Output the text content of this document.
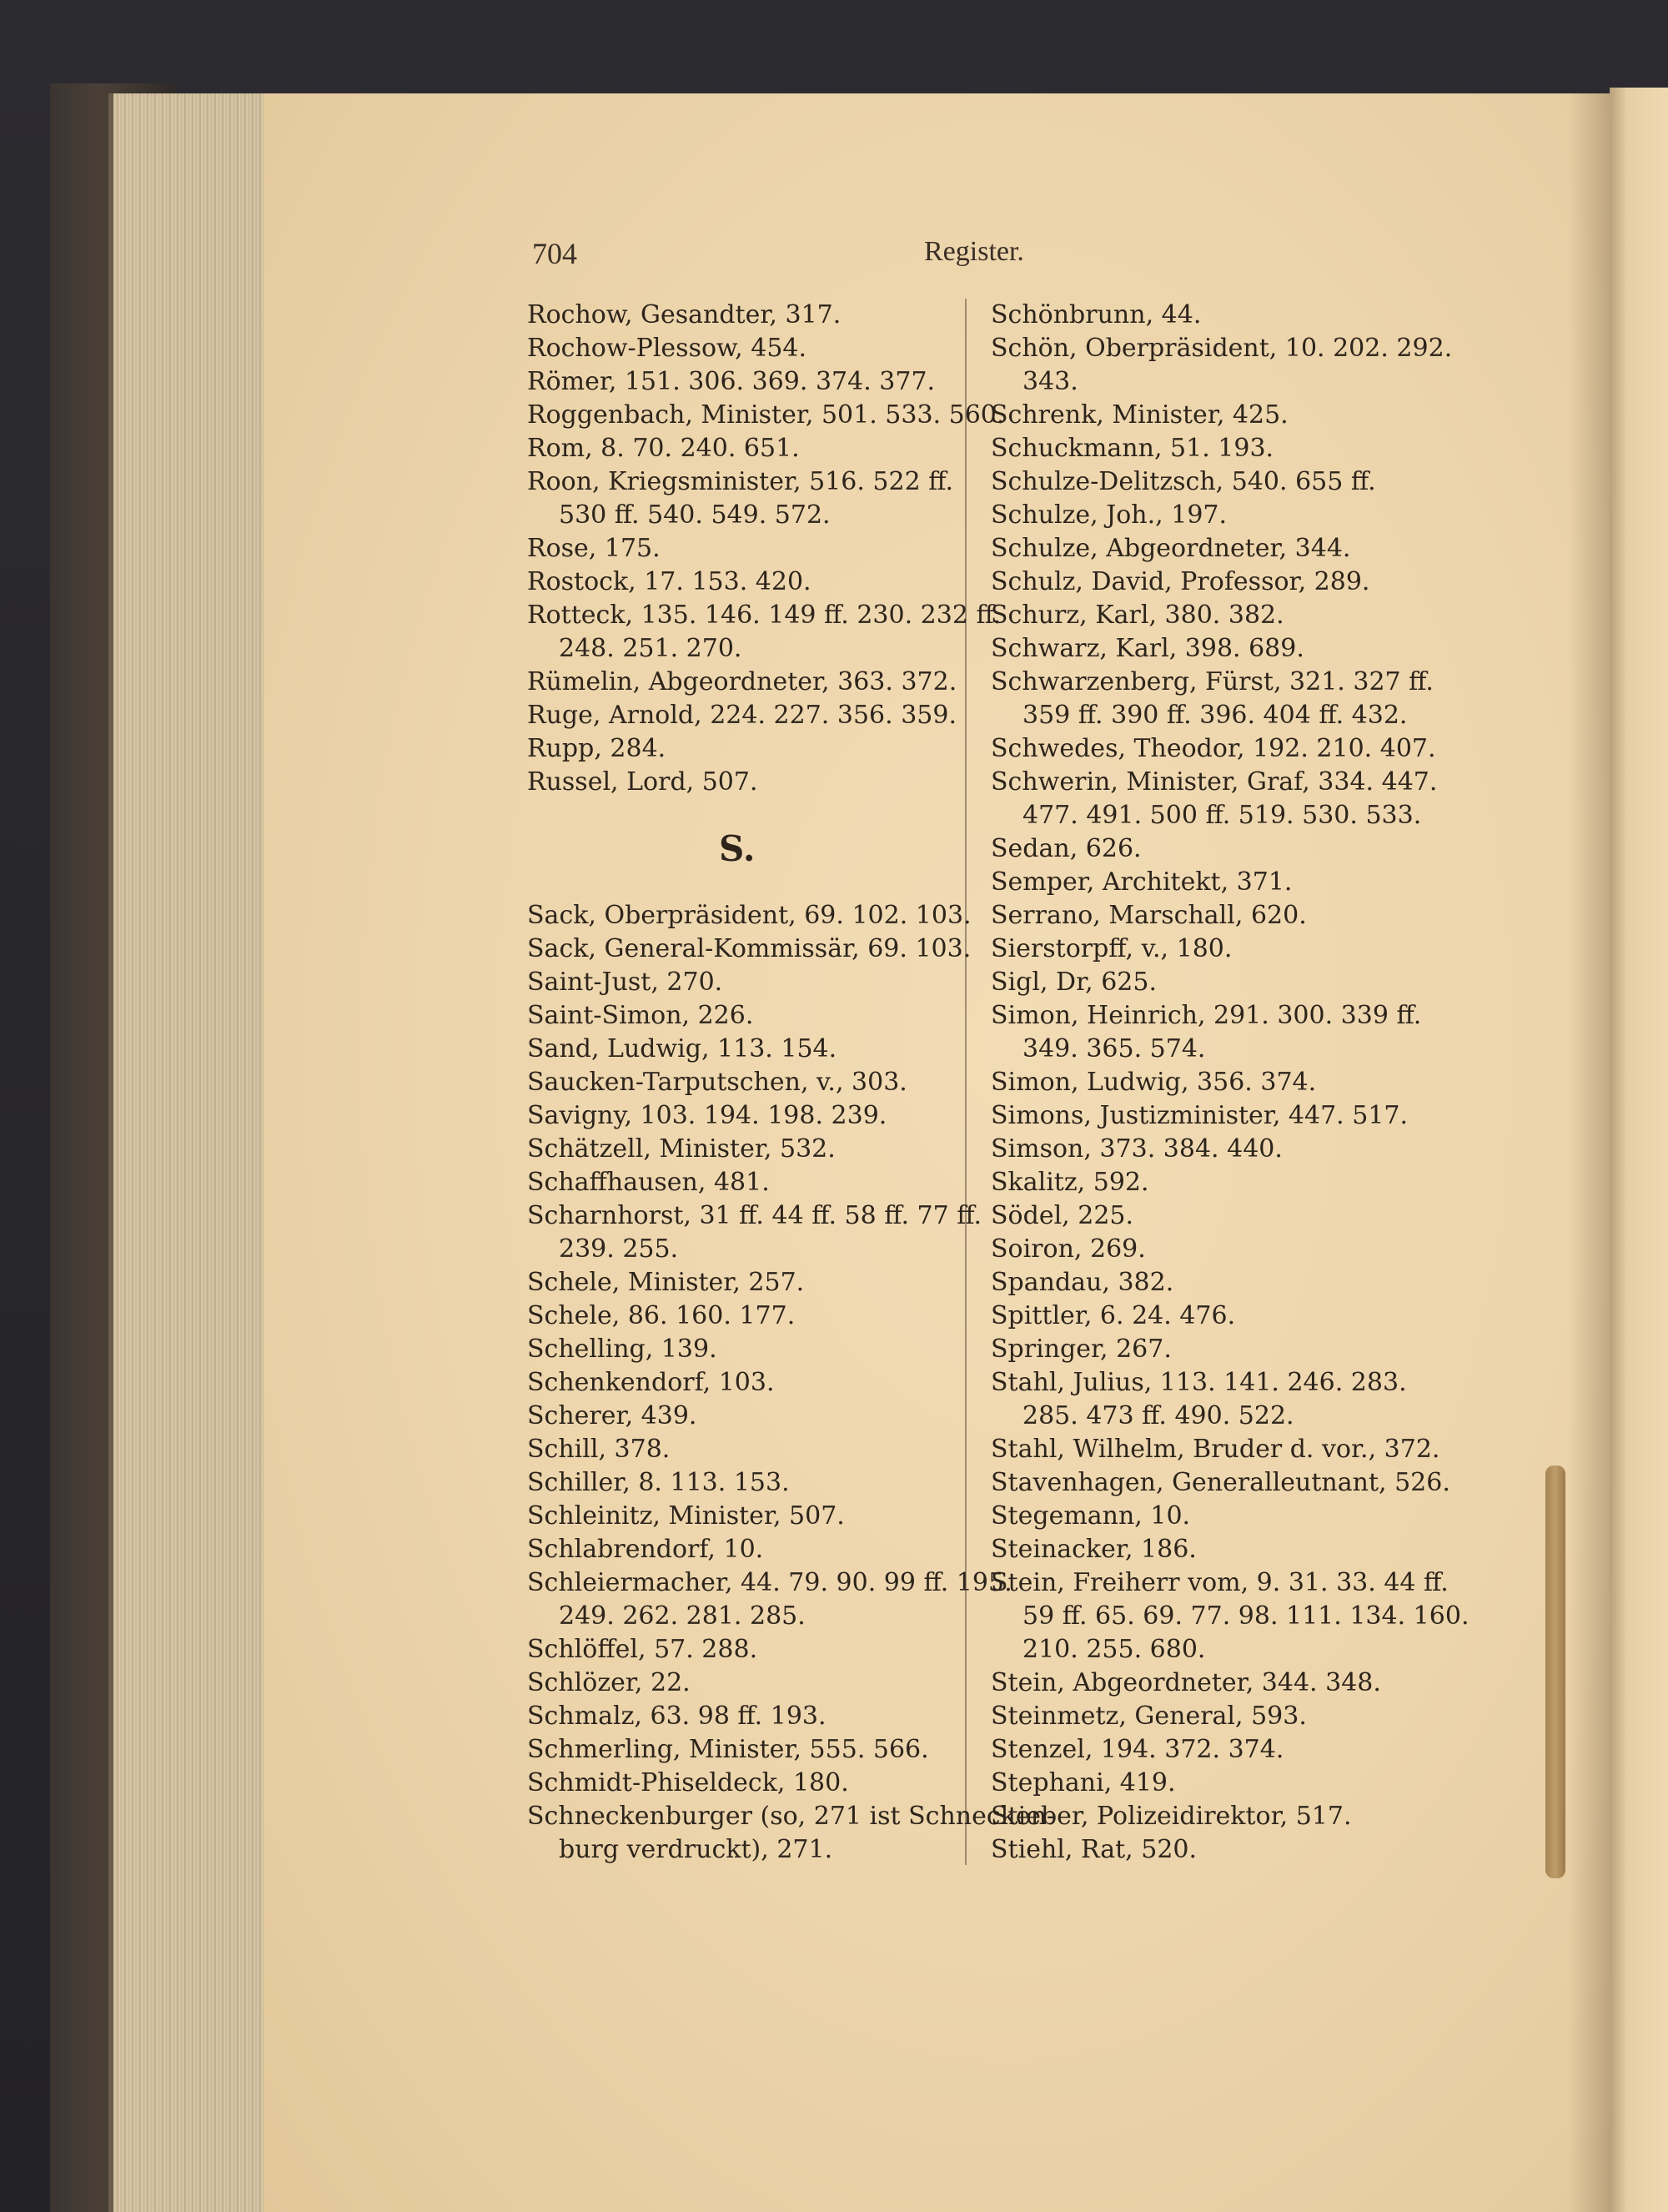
704	Register.
Rochow, Gesandter, 317.
Rochow-Plessow, 454.
Römer, 151. 306. 369. 374. 377.
Roggenbach, Minister, 501. 533. 560.
Rom, 8. 70. 240. 651.
Roon, Kriegsminister, 516. 522 ff.
530 ff. 540. 549. 572.
Rose, 175.
Rostock, 17. 153. 420.
Rotteck, 135. 146. 149 ff. 230. 232 ff.
248. 251. 270.
Rümelin, Abgeordneter, 363. 372.
Ruge, Arnold, 224. 227. 356. 359.
Rupp, 284.
Russel, Lord, 507.
S.
Sack, Oberpräsident, 69. 102. 103.
Sack, General-Kommissär, 69. 103.
Saint-Just, 270.
Saint-Simon, 226.
Sand, Ludwig, 113. 154.
Saucken-Tarputschen, v., 303.
Savigny, 103. 194. 198. 239.
Schätzell, Minister, 532.
Schaffhausen, 481.
Scharnhorst, 31 ff. 44 ff. 58 ff. 77 ff.
239. 255.
Schele, Minister, 257.
Schele, 86. 160. 177.
Schelling, 139.
Schenkendorf, 103.
Scherer, 439.
Schill, 378.
Schiller, 8. 113. 153.
Schleinitz, Minister, 507.
Schlabrendorf, 10.
Schleiermacher, 44. 79. 90. 99 ff. 195.
249. 262. 281. 285.
Schlöffel, 57. 288.
Schlözer, 22.
Schmalz, 63. 98 ff. 193.
Schmerling, Minister, 555. 566.
Schmidt-Phiseldeck, 180.
Schneckenburger (so, 271 ist Schnecken-
burg verdruckt), 271.
Schönbrunn, 44.
Schön, Oberpräsident, 10. 202. 292.
343.
Schrenk, Minister, 425.
Schuckmann, 51. 193.
Schulze-Delitzsch, 540. 655 ff.
Schulze, Joh., 197.
Schulze, Abgeordneter, 344.
Schulz, David, Professor, 289.
Schurz, Karl, 380. 382.
Schwarz, Karl, 398. 689.
Schwarzenberg, Fürst, 321. 327 ff.
359 ff. 390 ff. 396. 404 ff. 432.
Schwedes, Theodor, 192. 210. 407.
Schwerin, Minister, Graf, 334. 447.
477. 491. 500 ff. 519. 530. 533.
Sedan, 626.
Semper, Architekt, 371.
Serrano, Marschall, 620.
Sierstorpff, v., 180.
Sigl, Dr, 625.
Simon, Heinrich, 291. 300. 339 ff.
349. 365. 574.
Simon, Ludwig, 356. 374.
Simons, Justizminister, 447. 517.
Simson, 373. 384. 440.
Skalitz, 592.
Södel, 225.
Soiron, 269.
Spandau, 382.
Spittler, 6. 24. 476.
Springer, 267.
Stahl, Julius, 113. 141. 246. 283.
285. 473 ff. 490. 522.
Stahl, Wilhelm, Bruder d. vor., 372.
Stavenhagen, Generalleutnant, 526.
Stegemann, 10.
Steinacker, 186.
Stein, Freiherr vom, 9. 31. 33. 44 ff.
59 ff. 65. 69. 77. 98. 111. 134. 160.
210. 255. 680.
Stein, Abgeordneter, 344. 348.
Steinmetz, General, 593.
Stenzel, 194. 372. 374.
Stephani, 419.
Stieber, Polizeidirektor, 517.
Stiehl, Rat, 520.
